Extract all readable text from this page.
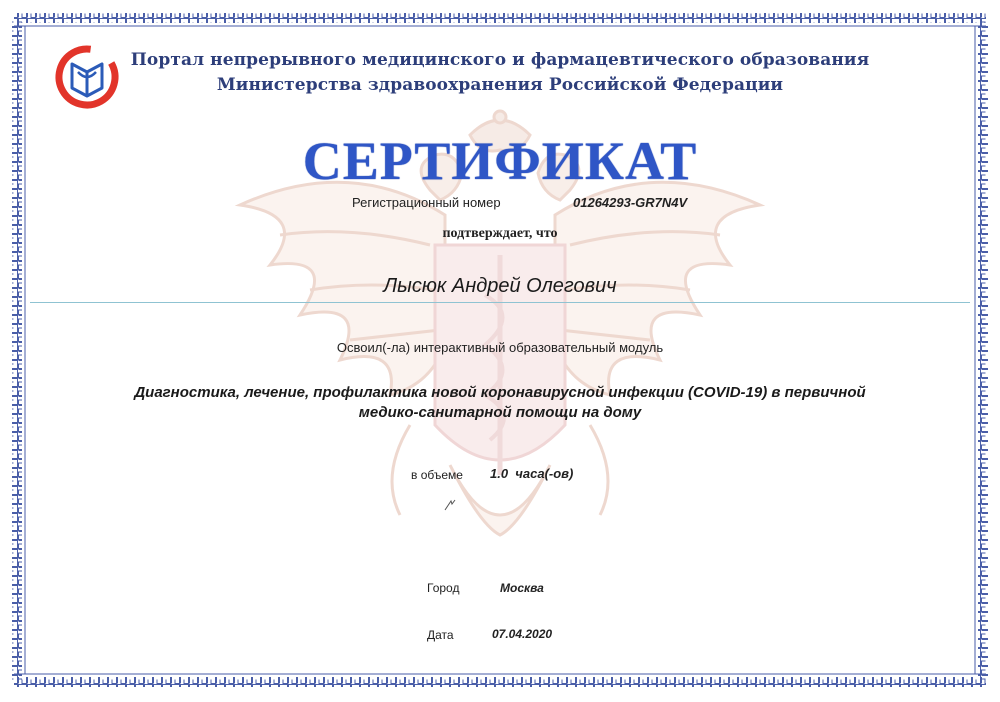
Портал непрерывного медицинского и фармацевтического образования
Министерства здравоохранения Российской Федерации
СЕРТИФИКАТ
Регистрационный номер	01264293-GR7N4V
подтверждает, что
Лысюк Андрей Олегович
Освоил(-ла) интерактивный образовательный модуль
Диагностика, лечение, профилактика новой коронавирусной инфекции (COVID-19) в первичной
медико-санитарной помощи на дому
в объеме 1.0  часа(-ов)
Город	Москва
Дата	07.04.2020
